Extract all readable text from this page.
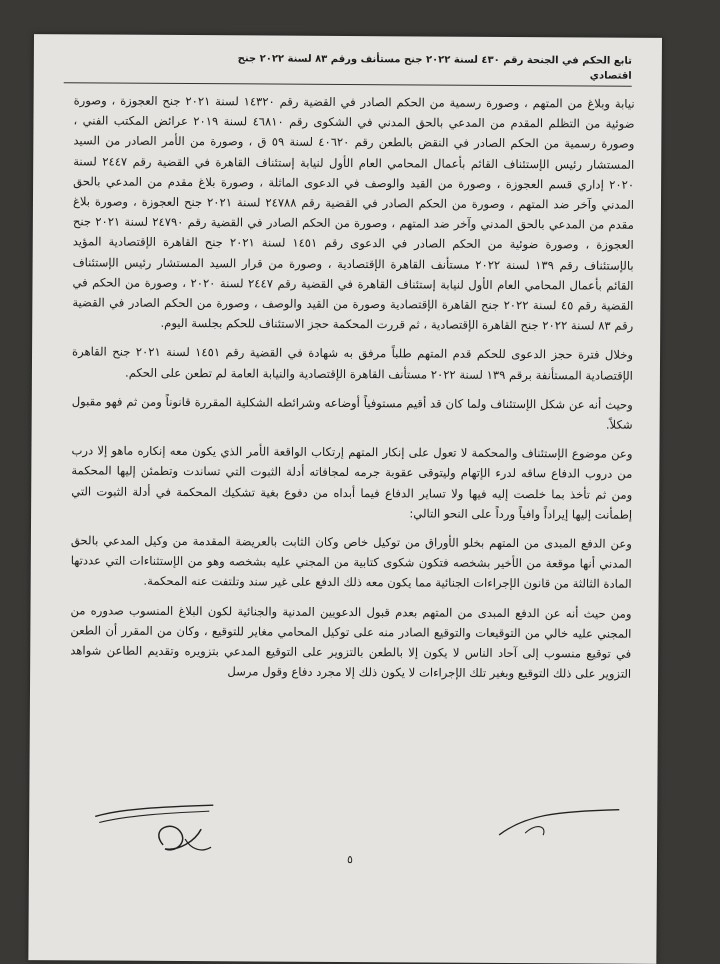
تابع الحكم في الجنحة رقم ٤٣٠ لسنة ٢٠٢٢ جنح مستأنف ورقم ٨٣ لسنة ٢٠٢٢ جنح
اقتصادي

نيابة وبلاغ من المتهم ، وصورة رسمية من الحكم الصادر في القضية رقم ١٤٣٢٠ لسنة ٢٠٢١ جنح العجوزة ، وصورة ضوئية من التظلم المقدم من المدعي بالحق المدني في الشكوى رقم ٤٦٨١٠ لسنة ٢٠١٩ عرائض المكتب الفني ، وصورة رسمية من الحكم الصادر في النقض بالطعن رقم ٤٠٦٢٠ لسنة ٥٩ ق ، وصورة من الأمر الصادر من السيد المستشار رئيس الإستئناف القائم بأعمال المحامي العام الأول لنيابة إستئناف القاهرة في القضية رقم ٢٤٤٧ لسنة ٢٠٢٠ إداري قسم العجوزة ، وصورة من القيد والوصف في الدعوى الماثلة ، وصورة بلاغ مقدم من المدعي بالحق المدني وآخر ضد المتهم ، وصورة من الحكم الصادر في القضية رقم ٢٤٧٨٨ لسنة ٢٠٢١ جنح العجوزة ، وصورة بلاغ مقدم من المدعي بالحق المدني وآخر ضد المتهم ، وصورة من الحكم الصادر في القضية رقم ٢٤٧٩٠ لسنة ٢٠٢١ جنح العجوزة ، وصورة ضوئية من الحكم الصادر في الدعوى رقم ١٤٥١ لسنة ٢٠٢١ جنح القاهرة الإقتصادية المؤيد بالإستئناف رقم ١٣٩ لسنة ٢٠٢٢ مستأنف القاهرة الإقتصادية ، وصورة من قرار السيد المستشار رئيس الإستئناف القائم بأعمال المحامي العام الأول لنيابة إستئناف القاهرة في القضية رقم ٢٤٤٧ لسنة ٢٠٢٠ ، وصورة من الحكم في القضية رقم ٤٥ لسنة ٢٠٢٢ جنح القاهرة الإقتصادية وصورة من القيد والوصف ، وصورة من الحكم الصادر في القضية رقم ٨٣ لسنة ٢٠٢٢ جنح القاهرة الإقتصادية ، ثم قررت المحكمة حجز الاستئناف للحكم بجلسة اليوم.

وخلال فترة حجز الدعوى للحكم قدم المتهم طلباً مرفق به شهادة في القضية رقم ١٤٥١ لسنة ٢٠٢١ جنح القاهرة الإقتصادية المستأنفة برقم ١٣٩ لسنة ٢٠٢٢ مستأنف القاهرة الإقتصادية والنيابة العامة لم تطعن على الحكم.

وحيث أنه عن شكل الإستئناف ولما كان قد أقيم مستوفياً أوضاعه وشرائطه الشكلية المقررة قانوناً ومن ثم فهو مقبول شكلاً.

وعن موضوع الإستئناف والمحكمة لا تعول على إنكار المتهم إرتكاب الواقعة الأمر الذي يكون معه إنكاره ماهو إلا درب من دروب الدفاع ساقه لدرء الإتهام وليتوقى عقوبة جرمه لمجافاته أدلة الثبوت التي تساندت وتطمئن إليها المحكمة ومن ثم تأخذ بما خلصت إليه فيها ولا تساير الدفاع فيما أبداه من دفوع بغية تشكيك المحكمة في أدلة الثبوت التي إطمأنت إليها إيراداً وافياً ورداً على النحو التالي:

وعن الدفع المبدى من المتهم بخلو الأوراق من توكيل خاص وكان الثابت بالعريضة المقدمة من وكيل المدعي بالحق المدني أنها موقعة من الأخير بشخصه فتكون شكوى كتابية من المجني عليه بشخصه وهو من الإستثناءات التي عددتها المادة الثالثة من قانون الإجراءات الجنائية مما يكون معه ذلك الدفع على غير سند وتلتفت عنه المحكمة.

ومن حيث أنه عن الدفع المبدى من المتهم بعدم قبول الدعويين المدنية والجنائية لكون البلاغ المنسوب صدوره من المجني عليه خالي من التوقيعات والتوقيع الصادر منه على توكيل المحامي مغاير للتوقيع ، وكان من المقرر أن الطعن في توقيع منسوب إلى آحاد الناس لا يكون إلا بالطعن بالتزوير على التوقيع المدعي بتزويره وتقديم الطاعن شواهد التزوير على ذلك التوقيع وبغير تلك الإجراءات لا يكون ذلك إلا مجرد دفاع وقول مرسل

٥
